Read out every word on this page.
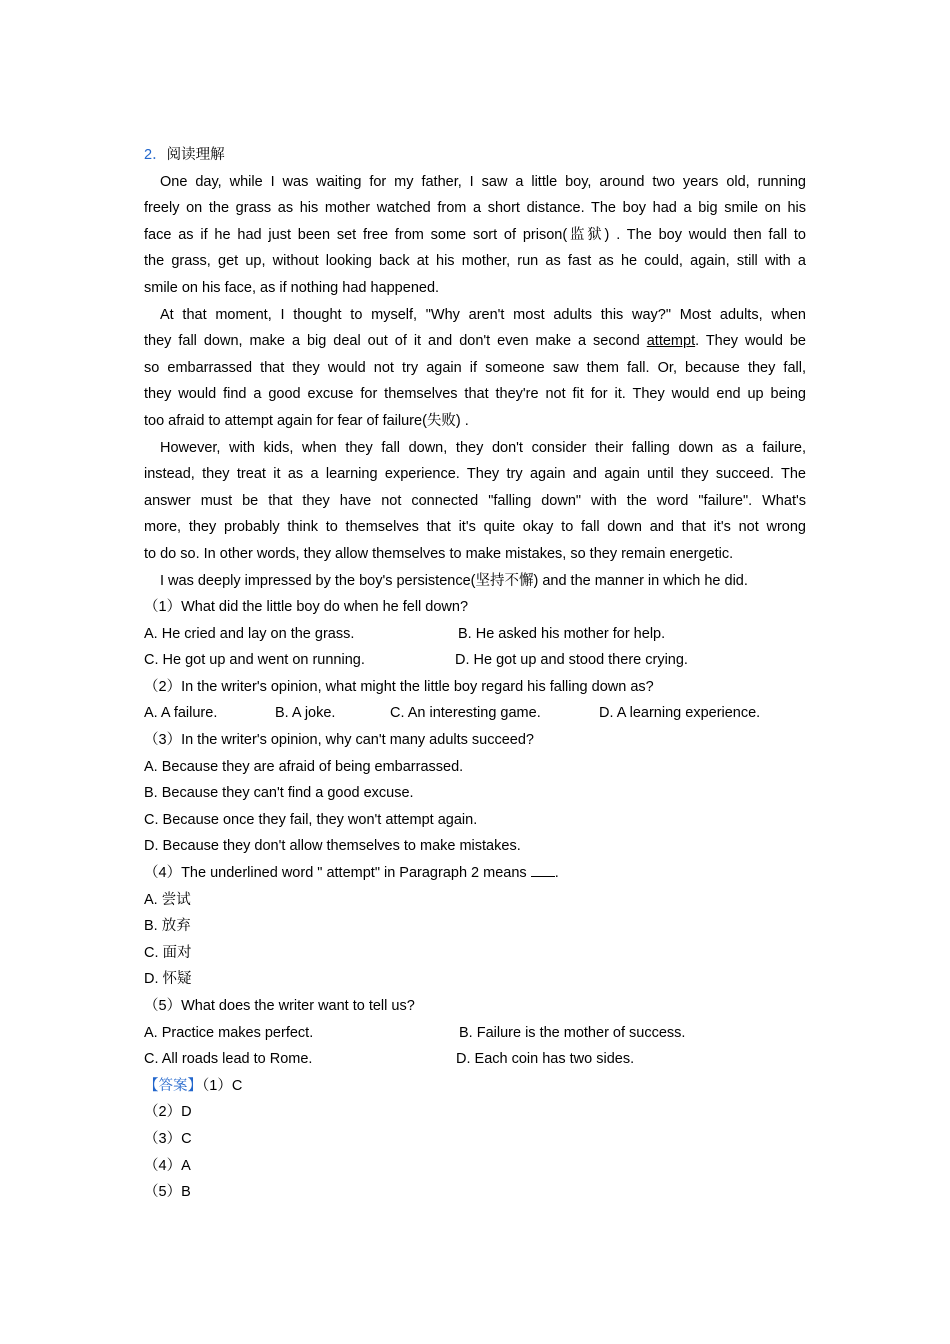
2．阅读理解
One day, while I was waiting for my father, I saw a little boy, around two years old, running
freely on the grass as his mother watched from a short distance. The boy had a big smile on his
face as if he had just been set free from some sort of prison(监狱) . The boy would then fall to
the grass, get up, without looking back at his mother, run as fast as he could, again, still with a
smile on his face, as if nothing had happened.
At that moment, I thought to myself, "Why aren't most adults this way?" Most adults, when
they fall down, make a big deal out of it and don't even make a second attempt. They would be
so embarrassed that they would not try again if someone saw them fall. Or, because they fall,
they would find a good excuse for themselves that they're not fit for it. They would end up being
too afraid to attempt again for fear of failure(失败) .
However, with kids, when they fall down, they don't consider their falling down as a failure,
instead, they treat it as a learning experience. They try again and again until they succeed. The
answer must be that they have not connected "falling down" with the word "failure". What's
more, they probably think to themselves that it's quite okay to fall down and that it's not wrong
to do so. In other words, they allow themselves to make mistakes, so they remain energetic.
I was deeply impressed by the boy's persistence(坚持不懈) and the manner in which he did.
（1）What did the little boy do when he fell down?
A. He cried and lay on the grass.	B. He asked his mother for help.
C. He got up and went on running.	D. He got up and stood there crying.
（2）In the writer's opinion, what might the little boy regard his falling down as?
A. A failure.	B. A joke.	C. An interesting game.	D. A learning experience.
（3）In the writer's opinion, why can't many adults succeed?
A. Because they are afraid of being embarrassed.
B. Because they can't find a good excuse.
C. Because once they fail, they won't attempt again.
D. Because they don't allow themselves to make mistakes.
（4）The underlined word " attempt" in Paragraph 2 means .
A. 尝试
B. 放弃
C. 面对
D. 怀疑
（5）What does the writer want to tell us?
A. Practice makes perfect.	B. Failure is the mother of success.
C. All roads lead to Rome.	D. Each coin has two sides.
【答案】（1）C
（2）D
（3）C
（4）A
（5）B
